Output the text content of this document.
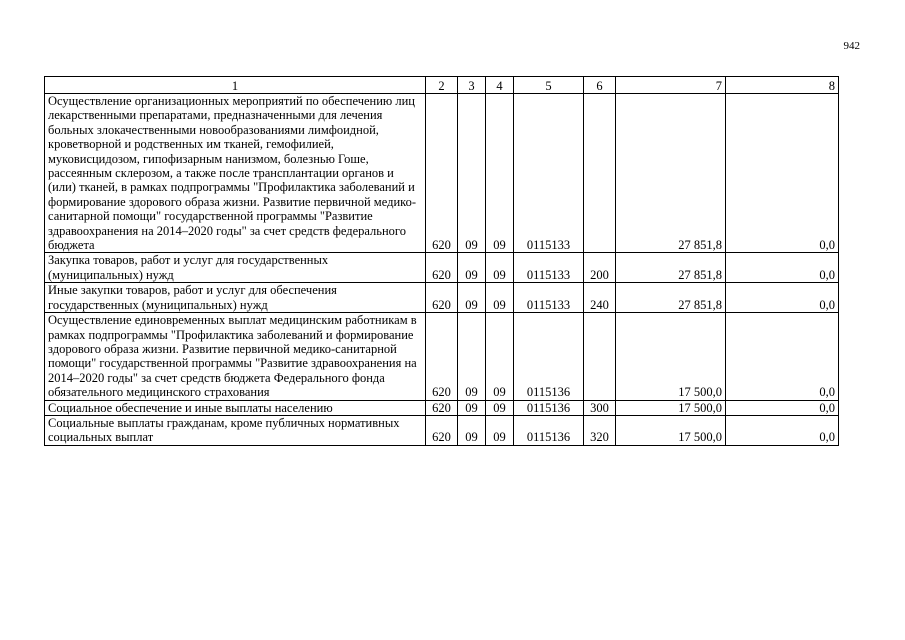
942
1	2	3	4	5	6	7	8
Осуществление организационных мероприятий по обеспечению лиц лекарственными препаратами, предназначенными для лечения больных злокачественными новообразованиями лимфоидной, кроветворной и родственных им тканей, гемофилией, муковисцидозом, гипофизарным нанизмом, болезнью Гоше, рассеянным склерозом, а также после трансплантации органов и (или) тканей, в рамках подпрограммы "Профилактика заболеваний и формирование здорового образа жизни. Развитие первичной медико-санитарной помощи" государственной программы "Развитие здравоохранения на 2014–2020 годы" за счет средств федерального бюджета	620	09	09	0115133		27 851,8	0,0
Закупка товаров, работ и услуг для государственных (муниципальных) нужд	620	09	09	0115133	200	27 851,8	0,0
Иные закупки товаров, работ и услуг для обеспечения государственных (муниципальных) нужд	620	09	09	0115133	240	27 851,8	0,0
Осуществление единовременных выплат медицинским работникам в рамках подпрограммы "Профилактика заболеваний и формирование здорового образа жизни. Развитие первичной медико-санитарной помощи" государственной программы "Развитие здравоохранения на 2014–2020 годы" за счет средств бюджета Федерального фонда обязательного медицинского страхования	620	09	09	0115136		17 500,0	0,0
Социальное обеспечение и иные выплаты населению	620	09	09	0115136	300	17 500,0	0,0
Социальные выплаты гражданам, кроме публичных нормативных социальных выплат	620	09	09	0115136	320	17 500,0	0,0
